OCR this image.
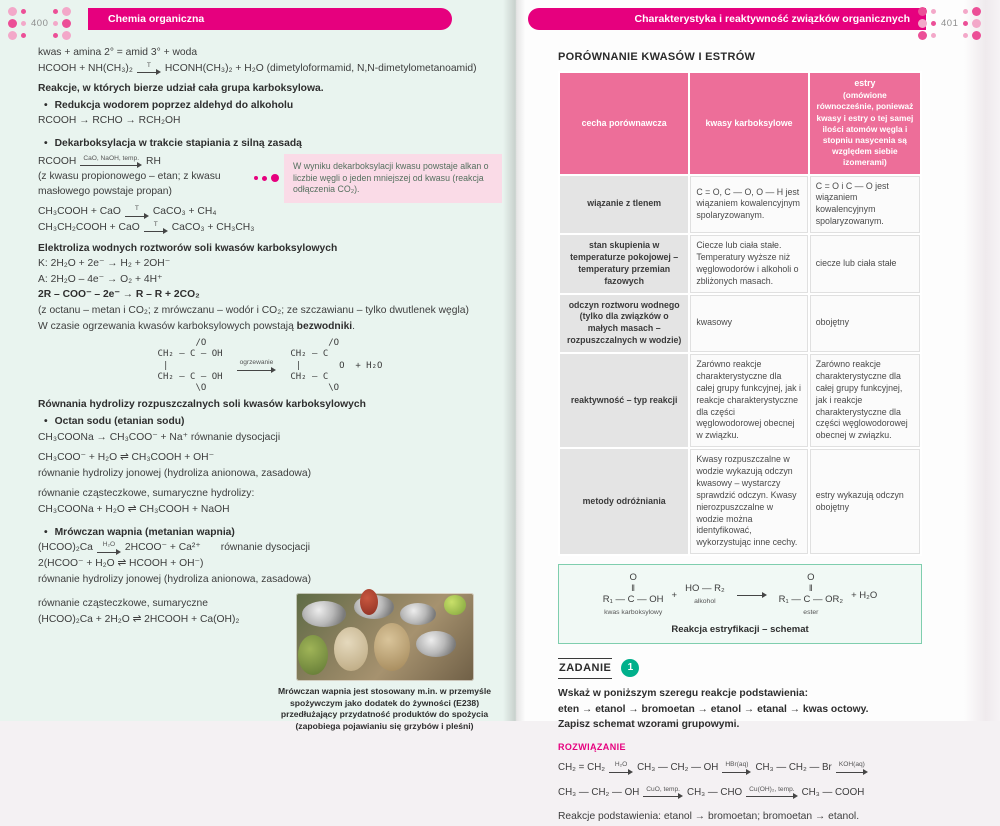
400	Chemia organiczna
kwas + amina 2° = amid 3° + woda
HCOOH + NH(CH₃)₂	T HCONH(CH₃)₂ + H₂O (dimetyloformamid, N,N-dimetylometanoamid)
Reakcje, w których bierze udział cała grupa karboksylowa.
• Redukcja wodorem poprzez aldehyd do alkoholu
RCOOH → RCHO → RCH₂OH
• Dekarboksylacja w trakcie stapiania z silną zasadą
RCOOH	CaO, NaOH, temp. RH
(z kwasu propionowego – etan; z kwasu masłowego powstaje propan)
W wyniku dekarboksylacji kwasu powstaje alkan o liczbie węgli o jeden mniejszej od kwasu (reakcja odłączenia CO₂).
CH₃COOH + CaO	T CaCO₃ + CH₄
CH₃CH₂COOH + CaO	T CaCO₃ + CH₃CH₃
Elektroliza wodnych roztworów soli kwasów karboksylowych
K: 2H₂O + 2e⁻ → H₂ + 2OH⁻
A: 2H₂O – 4e⁻ → O₂ + 4H⁺
2R – COO⁻ – 2e⁻ → R – R + 2CO₂
(z octanu – metan i CO₂; z mrówczanu – wodór i CO₂; ze szczawianu – tylko dwutlenek węgla)
W czasie ogrzewania kwasów karboksylowych powstają bezwodniki.
/O
CH₂ – C – OH
|
CH₂ – C – OH
\O
ogrzewanie
/O
CH₂ – C
|       O  + H₂O
CH₂ – C
\O
Równania hydrolizy rozpuszczalnych soli kwasów karboksylowych
• Octan sodu (etanian sodu)
CH₃COONa → CH₃COO⁻ + Na⁺ równanie dysocjacji
CH₃COO⁻ + H₂O ⇌ CH₃COOH + OH⁻
równanie hydrolizy jonowej (hydroliza anionowa, zasadowa)
równanie cząsteczkowe, sumaryczne hydrolizy:
CH₃COONa + H₂O ⇌ CH₃COOH + NaOH
• Mrówczan wapnia (metanian wapnia)
(HCOO)₂Ca	H₂O 2HCOO⁻ + Ca²⁺ równanie dysocjacji
2(HCOO⁻ + H₂O ⇌ HCOOH + OH⁻)
równanie hydrolizy jonowej (hydroliza anionowa, zasadowa)
równanie cząsteczkowe, sumaryczne
(HCOO)₂Ca + 2H₂O ⇌ 2HCOOH + Ca(OH)₂
Mrówczan wapnia jest stosowany m.in. w przemyśle spożywczym jako dodatek do żywności (E238) przedłużający przydatność produktów do spożycia (zapobiega pojawianiu się grzybów i pleśni)
PORÓWNANIE KWASÓW I ESTRÓW
cecha porównawcza	kwasy karboksylowe	estry
(omówione równocześnie, ponieważ kwasy i estry o tej samej ilości atomów węgla i stopniu nasycenia są względem siebie izomerami)

wiązanie z tlenem	C = O, C — O, O — H jest wiązaniem kowalencyjnym spolaryzowanym.	C = O i C — O jest wiązaniem kowalencyjnym spolaryzowanym.
stan skupienia w temperaturze pokojowej – temperatury przemian fazowych	Ciecze lub ciała stałe. Temperatury wyższe niż węglowodorów i alkoholi o zbliżonych masach.	ciecze lub ciała stałe
odczyn roztworu wodnego (tylko dla związków o małych masach – rozpuszczalnych w wodzie)	kwasowy	obojętny
reaktywność – typ reakcji	Zarówno reakcje charakterystyczne dla całej grupy funkcyjnej, jak i reakcje charakterystyczne dla części węglowodorowej obecnej w związku.	Zarówno reakcje charakterystyczne dla całej grupy funkcyjnej, jak i reakcje charakterystyczne dla części węglowodorowej obecnej w związku.
metody odróżniania	Kwasy rozpuszczalne w wodzie wykazują odczyn kwasowy – wystarczy sprawdzić odczyn. Kwasy nierozpuszczalne w wodzie można identyfikować, wykorzystując inne cechy.	estry wykazują odczyn obojętny
O
‖
R₁ — C — OH
kwas karboksylowy
+
HO — R₂
alkohol
O
‖
R₁ — C — OR₂
ester
+ H₂O
Reakcja estryfikacji – schemat
ZADANIE	1
Wskaż w poniższym szeregu reakcje podstawienia:
eten → etanol → bromoetan → etanol → etanal → kwas octowy.
Zapisz schemat wzorami grupowymi.
ROZWIĄZANIE
CH₂ = CH₂	H₂O CH₃ — CH₂ — OH	HBr(aq) CH₃ — CH₂ — Br	KOH(aq)
CH₃ — CH₂ — OH	CuO, temp. CH₃ — CHO	Cu(OH)₂, temp. CH₃ — COOH
Reakcje podstawienia: etanol → bromoetan; bromoetan → etanol.
Charakterystyka i reaktywność związków organicznych	401
